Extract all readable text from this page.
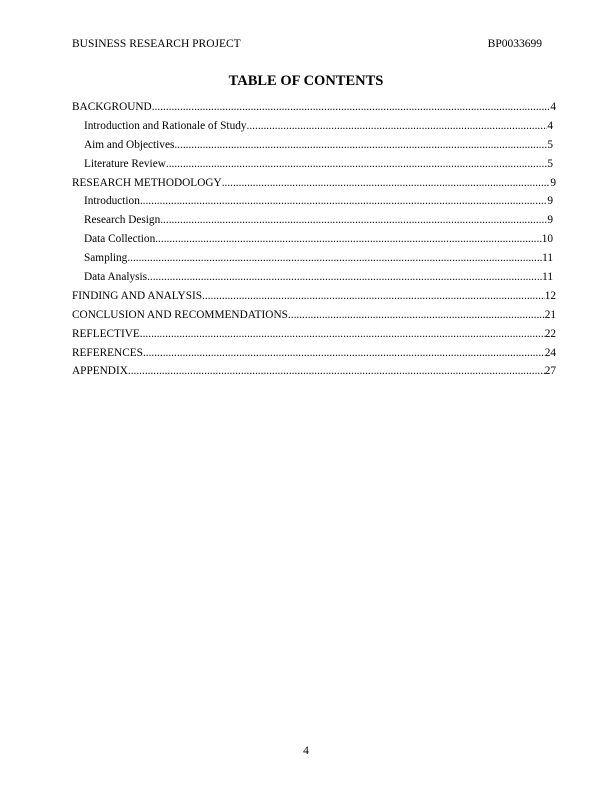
BUSINESS RESEARCH PROJECT	BP0033699
TABLE OF CONTENTS
BACKGROUND .....	4
Introduction and Rationale of Study .....	4
Aim and Objectives .....	5
Literature Review .....	5
RESEARCH METHODOLOGY .....	9
Introduction .....	9
Research Design .....	9
Data Collection .....	10
Sampling .....	11
Data Analysis .....	11
FINDING AND ANALYSIS .....	12
CONCLUSION AND RECOMMENDATIONS .....	21
REFLECTIVE .....	22
REFERENCES .....	24
APPENDIX .....	27
4
